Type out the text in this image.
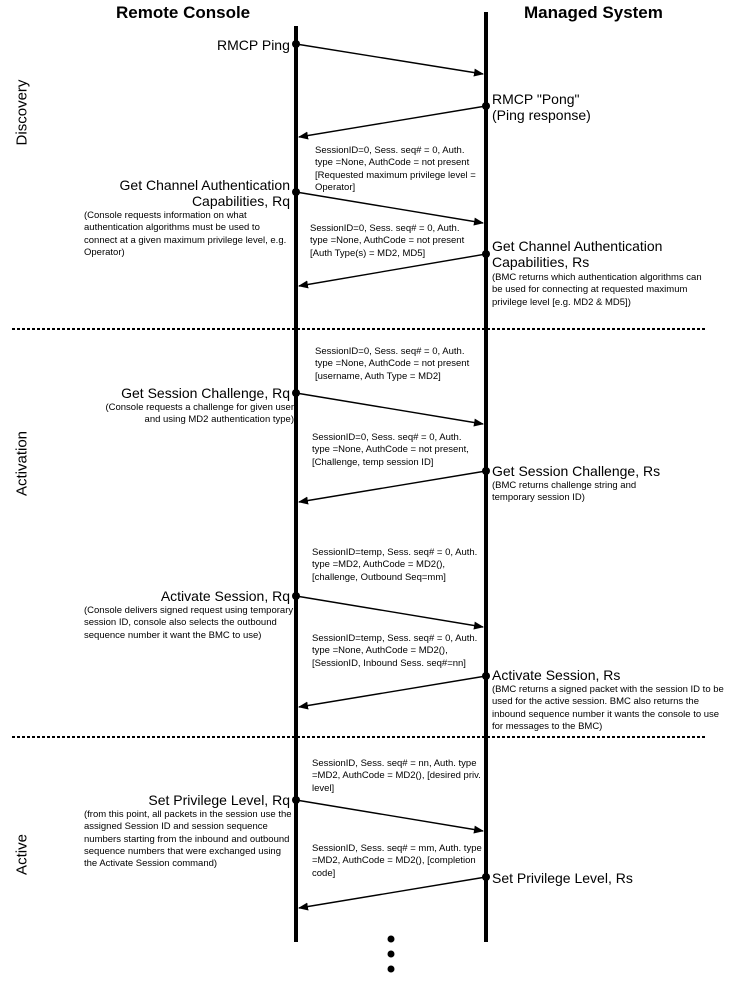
Remote Console	Managed System
Discovery
Activation
Active
RMCP Ping
RMCP "Pong"
(Ping response)
SessionID=0, Sess. seq# = 0, Auth. type =None, AuthCode = not present [Requested maximum privilege level = Operator]
Get Channel Authentication
Capabilities, Rq
(Console requests information on what authentication algorithms must be used to connect at a given maximum privilege level, e.g. Operator)
SessionID=0, Sess. seq# = 0, Auth. type =None, AuthCode = not present [Auth Type(s) = MD2, MD5]	Get Channel Authentication
Capabilities, Rs
(BMC returns which authentication algorithms can be used for connecting at requested maximum privilege level [e.g. MD2 & MD5])
SessionID=0, Sess. seq# = 0, Auth. type =None, AuthCode = not present [username, Auth Type = MD2]
Get Session Challenge, Rq
(Console requests a challenge for given user and using MD2 authentication type)
SessionID=0, Sess. seq# = 0, Auth. type =None, AuthCode = not present, [Challenge, temp session ID]
Get Session Challenge, Rs
(BMC returns challenge string and temporary session ID)
SessionID=temp, Sess. seq# = 0, Auth. type =MD2, AuthCode = MD2(), [challenge, Outbound Seq=mm]
Activate Session, Rq
(Console delivers signed request using temporary session ID, console also selects the outbound sequence number it want the BMC to use)	SessionID=temp, Sess. seq# = 0, Auth. type =None, AuthCode = MD2(), [SessionID, Inbound Sess. seq#=nn]
Activate Session, Rs
(BMC returns a signed packet with the session ID to be used for the active session. BMC also returns the inbound sequence number it wants the console to use for messages to the BMC)
SessionID, Sess. seq# = nn, Auth. type =MD2, AuthCode = MD2(), [desired priv. level]
Set Privilege Level, Rq
(from this point, all packets in the session use the assigned Session ID and session sequence numbers starting from the inbound and outbound sequence numbers that were exchanged using the Activate Session command)
SessionID, Sess. seq# = mm, Auth. type =MD2, AuthCode = MD2(), [completion code]	Set Privilege Level, Rs
